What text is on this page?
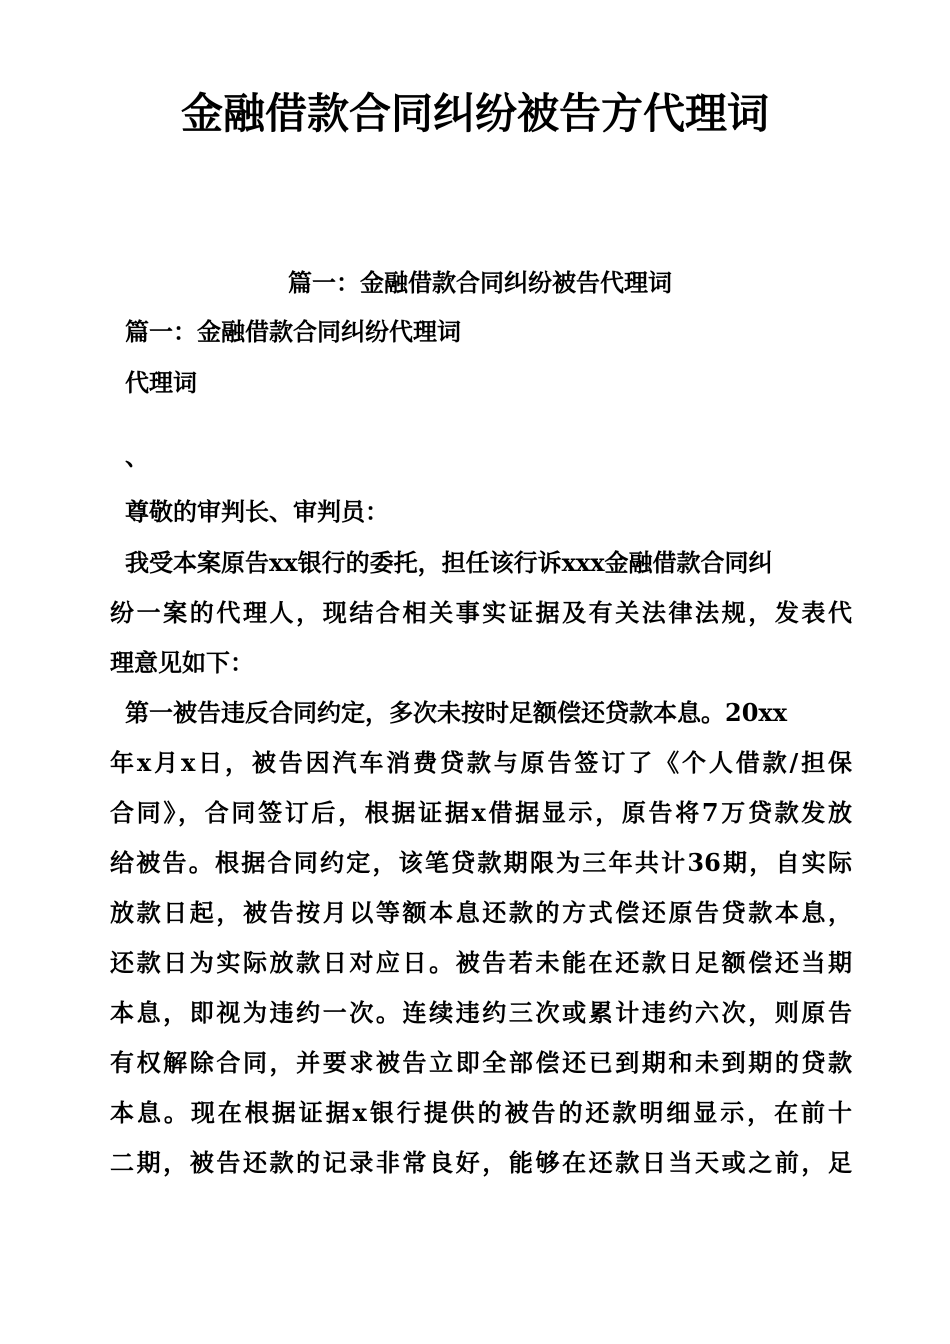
金融借款合同纠纷被告方代理词
篇一：金融借款合同纠纷被告代理词
篇一：金融借款合同纠纷代理词
代理词
、
尊敬的审判长、审判员：
我受本案原告xx银行的委托，担任该行诉xxx金融借款合同纠
纷一案的代理人，现结合相关事实证据及有关法律法规，发表代
理意见如下：
第一被告违反合同约定，多次未按时足额偿还贷款本息。20xx
年x月x日，被告因汽车消费贷款与原告签订了《个人借款/担保
合同》，合同签订后，根据证据x借据显示，原告将7万贷款发放
给被告。根据合同约定，该笔贷款期限为三年共计36期，自实际
放款日起，被告按月以等额本息还款的方式偿还原告贷款本息，
还款日为实际放款日对应日。被告若未能在还款日足额偿还当期
本息，即视为违约一次。连续违约三次或累计违约六次，则原告
有权解除合同，并要求被告立即全部偿还已到期和未到期的贷款
本息。现在根据证据x银行提供的被告的还款明细显示，在前十
二期，被告还款的记录非常良好，能够在还款日当天或之前，足
